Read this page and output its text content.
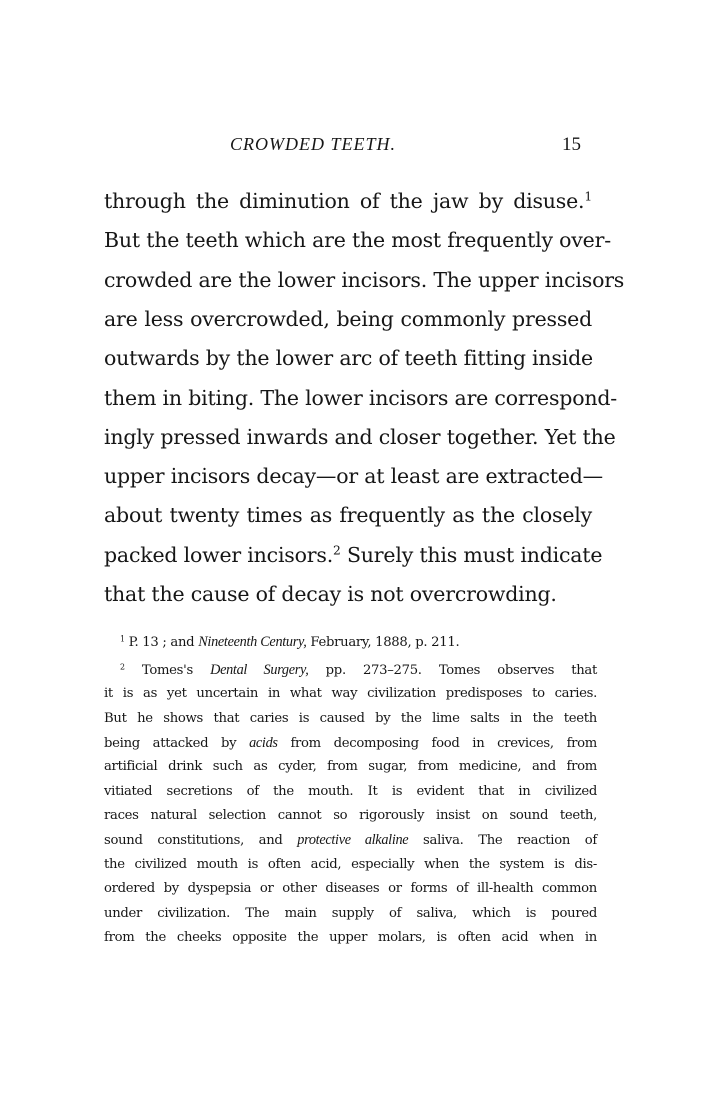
CROWDED TEETH.	15
through the diminution of the jaw by disuse.$^1$
But the teeth which are the most frequently over-
crowded are the lower incisors. The upper incisors
are less overcrowded, being commonly pressed
outwards by the lower arc of teeth fitting inside
them in biting. The lower incisors are correspond-
ingly pressed inwards and closer together. Yet the
upper incisors decay—or at least are extracted—
about twenty times as frequently as the closely
packed lower incisors.$^2$ Surely this must indicate
that the cause of decay is not overcrowding.
$^1$ P. 13 ; and Nineteenth Century, February, 1888, p. 211.
$^2$ Tomes's Dental Surgery, pp. 273–275. Tomes observes that
it is as yet uncertain in what way civilization predisposes to caries.
But he shows that caries is caused by the lime salts in the teeth
being attacked by acids from decomposing food in crevices, from
artificial drink such as cyder, from sugar, from medicine, and from
vitiated secretions of the mouth. It is evident that in civilized
races natural selection cannot so rigorously insist on sound teeth,
sound constitutions, and protective alkaline saliva. The reaction of
the civilized mouth is often acid, especially when the system is dis-
ordered by dyspepsia or other diseases or forms of ill-health common
under civilization. The main supply of saliva, which is poured
from the cheeks opposite the upper molars, is often acid when in
